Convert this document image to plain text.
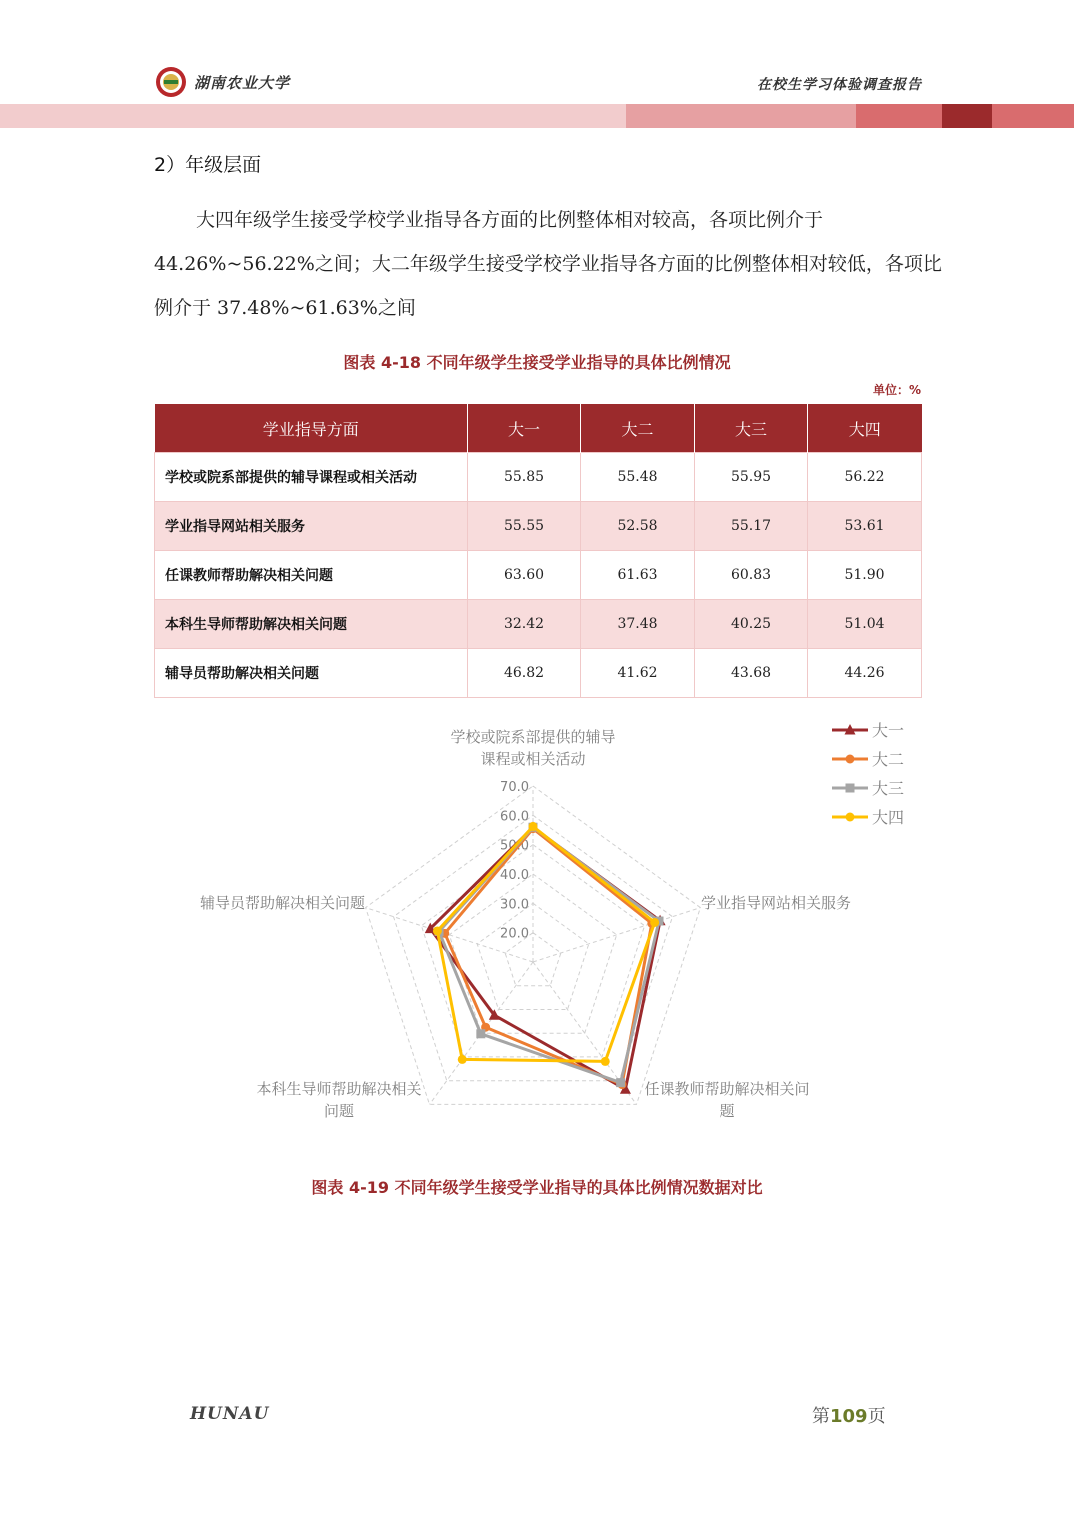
湖南农业大学	在校生学习体验调查报告
2）年级层面
大四年级学生接受学校学业指导各方面的比例整体相对较高，各项比例介于44.26%~56.22%之间；大二年级学生接受学校学业指导各方面的比例整体相对较低，各项比例介于 37.48%~61.63%之间
图表 4-18 不同年级学生接受学业指导的具体比例情况
单位：%
学业指导方面	大一	大二	大三	大四
学校或院系部提供的辅导课程或相关活动	55.85	55.48	55.95	56.22
学业指导网站相关服务	55.55	52.58	55.17	53.61
任课教师帮助解决相关问题	63.60	61.63	60.83	51.90
本科生导师帮助解决相关问题	32.42	37.48	40.25	51.04
辅导员帮助解决相关问题	46.82	41.62	43.68	44.26
20.0
30.0
40.0
50.0
60.0
70.0
学校或院系部提供的辅导课程或相关活动
学业指导网站相关服务
任课教师帮助解决相关问题
本科生导师帮助解决相关问题
辅导员帮助解决相关问题
大一
大二
大三
大四
图表 4-19 不同年级学生接受学业指导的具体比例情况数据对比
HUNAU	第109页
